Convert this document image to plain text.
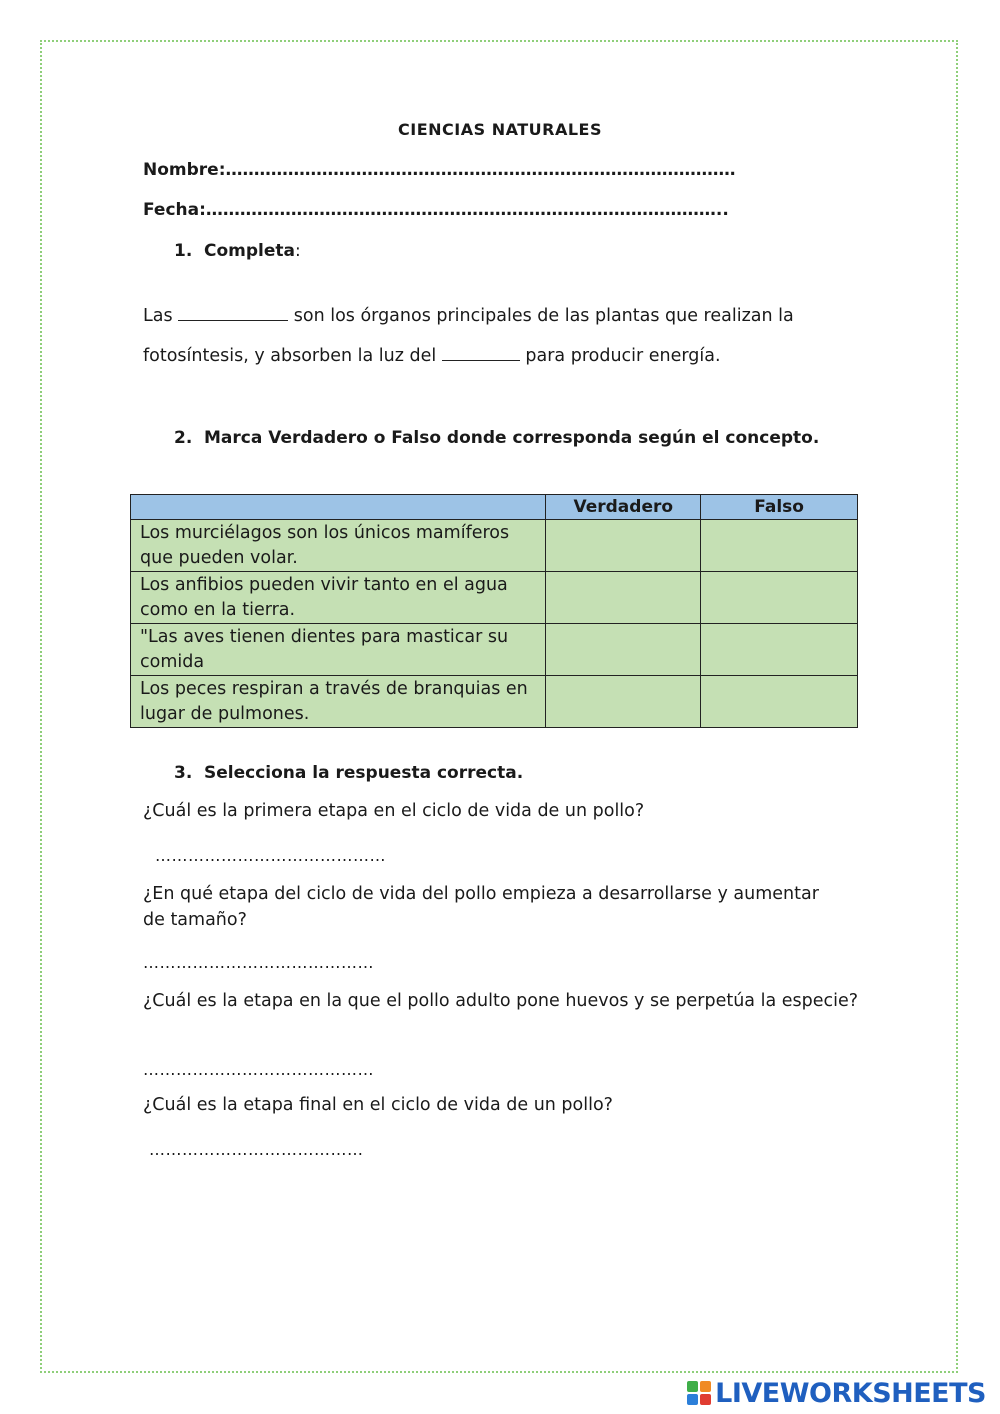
CIENCIAS NATURALES
Nombre:………………………………………………………………………………
Fecha:………………………………………………………………………………..
1. Completa:
Las	son los órganos principales de las plantas que realizan la
fotosíntesis, y absorben la luz del	para producir energía.
2. Marca Verdadero o Falso donde corresponda según el concepto.
	Verdadero	Falso
Los murciélagos son los únicos mamíferos que pueden volar.		
Los anfibios pueden vivir tanto en el agua como en la tierra.		
"Las aves tienen dientes para masticar su comida		
Los peces respiran a través de branquias en lugar de pulmones.		
3. Selecciona la respuesta correcta.
¿Cuál es la primera etapa en el ciclo de vida de un pollo?
……………………………………
¿En qué etapa del ciclo de vida del pollo empieza a desarrollarse y aumentar de tamaño?
……………………………………
¿Cuál es la etapa en la que el pollo adulto pone huevos y se perpetúa la especie?
……………………………………
¿Cuál es la etapa final en el ciclo de vida de un pollo?
…………………………………
LIVEWORKSHEETS
